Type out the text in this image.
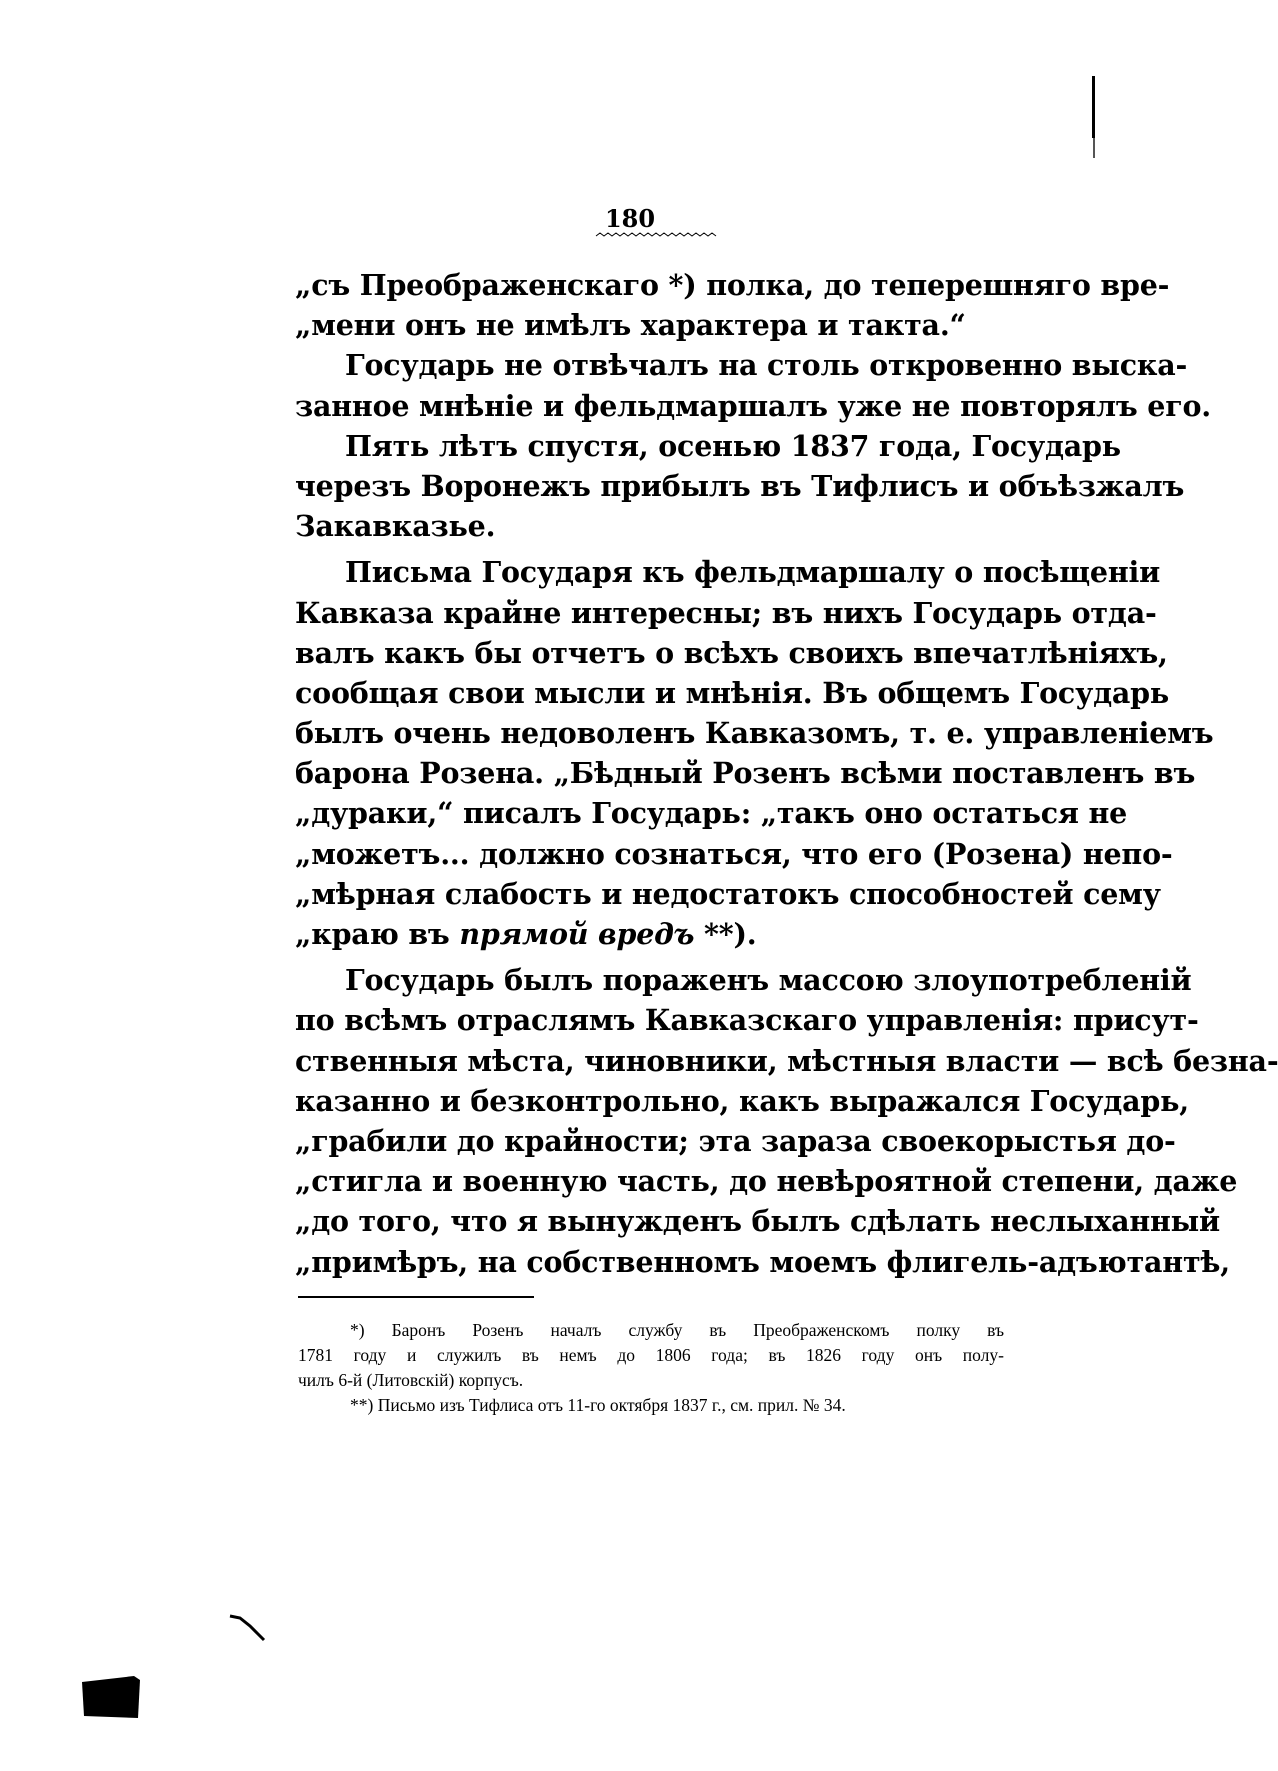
180
„съ Преображенскаго *) полка, до теперешняго вре-
„мени онъ не имѣлъ характера и такта.“
Государь не отвѣчалъ на столь откровенно выска-
занное мнѣніе и фельдмаршалъ уже не повторялъ его.
Пять лѣтъ спустя, осенью 1837 года, Государь
черезъ Воронежъ прибылъ въ Тифлисъ и объѣзжалъ
Закавказье.
Письма Государя къ фельдмаршалу о посѣщеніи
Кавказа крайне интересны; въ нихъ Государь отда-
валъ какъ бы отчетъ о всѣхъ своихъ впечатлѣніяхъ,
сообщая свои мысли и мнѣнія. Въ общемъ Государь
былъ очень недоволенъ Кавказомъ, т. е. управленіемъ
барона Розена. „Бѣдный Розенъ всѣми поставленъ въ
„дураки,“ писалъ Государь: „такъ оно остаться не
„можетъ... должно сознаться, что его (Розена) непо-
„мѣрная слабость и недостатокъ способностей сему
„краю въ прямой вредъ **).
Государь былъ пораженъ массою злоупотребленій
по всѣмъ отраслямъ Кавказскаго управленія: присут-
ственныя мѣста, чиновники, мѣстныя власти — всѣ безна-
казанно и безконтрольно, какъ выражался Государь,
„грабили до крайности; эта зараза своекорыстья до-
„стигла и военную часть, до невѣроятной степени, даже
„до того, что я вынужденъ былъ сдѣлать неслыханный
„примѣръ, на собственномъ моемъ флигель-адъютантѣ,
*) Баронъ Розенъ началъ службу въ Преображенскомъ полку въ
1781 году и служилъ въ немъ до 1806 года; въ 1826 году онъ полу-
чилъ 6-й (Литовскій) корпусъ.
**) Письмо изъ Тифлиса отъ 11-го октября 1837 г., см. прил. № 34.
